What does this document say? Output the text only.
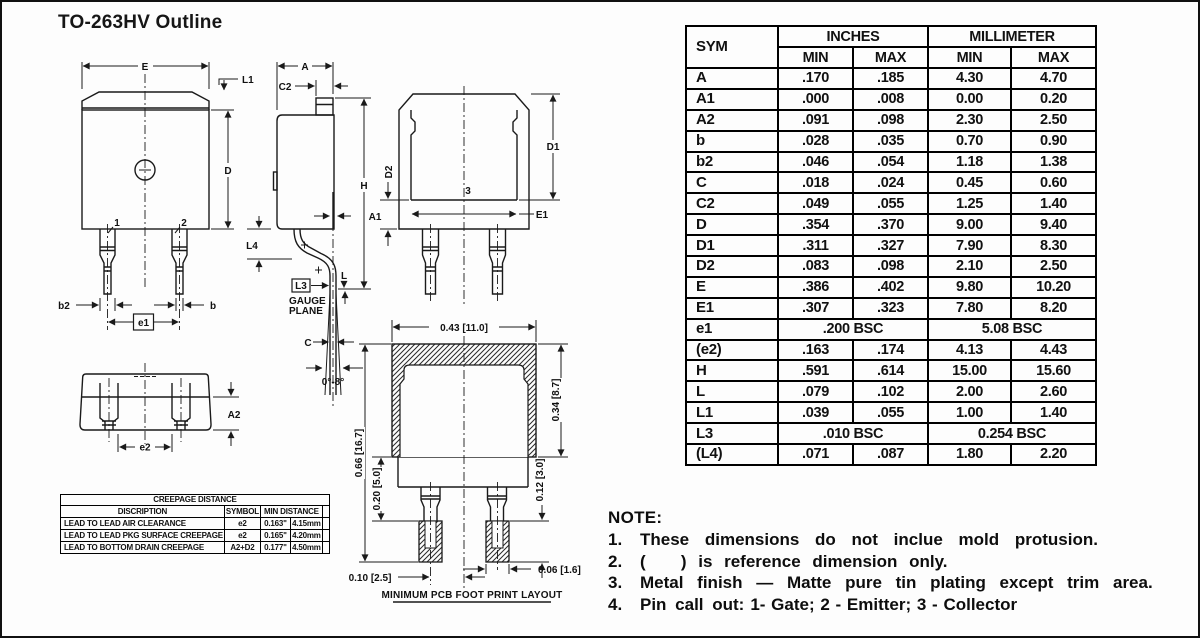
TO-263HV Outline
E
L1
D
1	2
b2	b
e1
L4
A
C2
H
A1
L
L3
GAUGE
PLANE
C
0°-8°
3
E1
D1
D2
A2
e2
0.43 [11.0]
0.66 [16.7]
0.20 [5.0]
0.34 [8.7]
0.12 [3.0]
0.10 [2.5]
0.06 [1.6]
MINIMUM PCB FOOT PRINT LAYOUT
SYM	INCHES		MILLIMETER	
	MIN	MAX	MIN	MAX
A	.170	.185	4.30	4.70
A1	.000	.008	0.00	0.20
A2	.091	.098	2.30	2.50
b	.028	.035	0.70	0.90
b2	.046	.054	1.18	1.38
C	.018	.024	0.45	0.60
C2	.049	.055	1.25	1.40
D	.354	.370	9.00	9.40
D1	.311	.327	7.90	8.30
D2	.083	.098	2.10	2.50
E	.386	.402	9.80	10.20
E1	.307	.323	7.80	8.20
e1	.200 BSC		5.08 BSC	
(e2)	.163	.174	4.13	4.43
H	.591	.614	15.00	15.60
L	.079	.102	2.00	2.60
L1	.039	.055	1.00	1.40
L3	.010 BSC		0.254 BSC	
(L4)	.071	.087	1.80	2.20
CREEPAGE DISTANCE				
DISCRIPTION	SYMBOL	MIN DISTANCE		
LEAD TO LEAD AIR CLEARANCE	e2	0.163"	4.15mm	
LEAD TO LEAD PKG SURFACE CREEPAGE	e2	0.165"	4.20mm	
LEAD TO BOTTOM DRAIN CREEPAGE	A2+D2	0.177"	4.50mm	
NOTE:
1.	These dimensions do not inclue mold protusion.
2.	(   ) is reference dimension only.
3.	Metal finish — Matte pure tin plating except trim area.
4.	Pin call out: 1- Gate; 2 - Emitter; 3 - Collector
